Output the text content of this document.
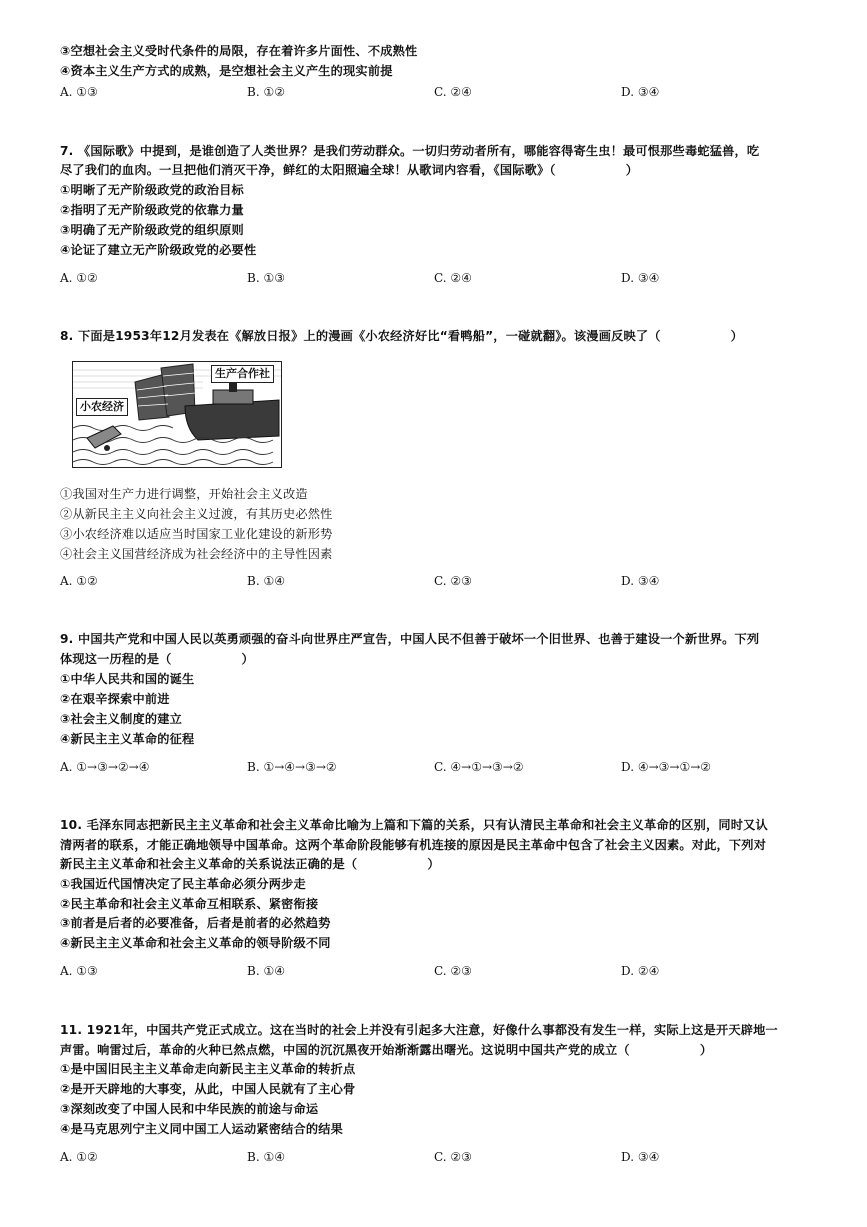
③空想社会主义受时代条件的局限，存在着许多片面性、不成熟性
④资本主义生产方式的成熟，是空想社会主义产生的现实前提
A. ①③	B. ①②	C. ②④	D. ③④
7. 《国际歌》中提到，是谁创造了人类世界？是我们劳动群众。一切归劳动者所有，哪能容得寄生虫！最可恨那些毒蛇猛兽，吃
尽了我们的血肉。一旦把他们消灭干净，鲜红的太阳照遍全球！从歌词内容看，《国际歌》（	）
①明晰了无产阶级政党的政治目标
②指明了无产阶级政党的依靠力量
③明确了无产阶级政党的组织原则
④论证了建立无产阶级政党的必要性
A. ①②	B. ①③	C. ②④	D. ③④
8. 下面是1953年12月发表在《解放日报》上的漫画《小农经济好比“看鸭船”，一碰就翻》。该漫画反映了（	）
小农经济
生产合作社
①我国对生产力进行调整，开始社会主义改造
②从新民主主义向社会主义过渡，有其历史必然性
③小农经济难以适应当时国家工业化建设的新形势
④社会主义国营经济成为社会经济中的主导性因素
A. ①②	B. ①④	C. ②③	D. ③④
9. 中国共产党和中国人民以英勇顽强的奋斗向世界庄严宣告，中国人民不但善于破坏一个旧世界、也善于建设一个新世界。下列
体现这一历程的是（	）
①中华人民共和国的诞生
②在艰辛探索中前进
③社会主义制度的建立
④新民主主义革命的征程
A. ①→③→②→④	B. ①→④→③→②	C. ④→①→③→②	D. ④→③→①→②
10. 毛泽东同志把新民主主义革命和社会主义革命比喻为上篇和下篇的关系，只有认清民主革命和社会主义革命的区别，同时又认
清两者的联系，才能正确地领导中国革命。这两个革命阶段能够有机连接的原因是民主革命中包含了社会主义因素。对此，下列对
新民主主义革命和社会主义革命的关系说法正确的是（	）
①我国近代国情决定了民主革命必须分两步走
②民主革命和社会主义革命互相联系、紧密衔接
③前者是后者的必要准备，后者是前者的必然趋势
④新民主主义革命和社会主义革命的领导阶级不同
A. ①③	B. ①④	C. ②③	D. ②④
11. 1921年，中国共产党正式成立。这在当时的社会上并没有引起多大注意，好像什么事都没有发生一样，实际上这是开天辟地一
声雷。响雷过后，革命的火种已然点燃，中国的沉沉黑夜开始渐渐露出曙光。这说明中国共产党的成立（	）
①是中国旧民主主义革命走向新民主主义革命的转折点
②是开天辟地的大事变，从此，中国人民就有了主心骨
③深刻改变了中国人民和中华民族的前途与命运
④是马克思列宁主义同中国工人运动紧密结合的结果
A. ①②	B. ①④	C. ②③	D. ③④
